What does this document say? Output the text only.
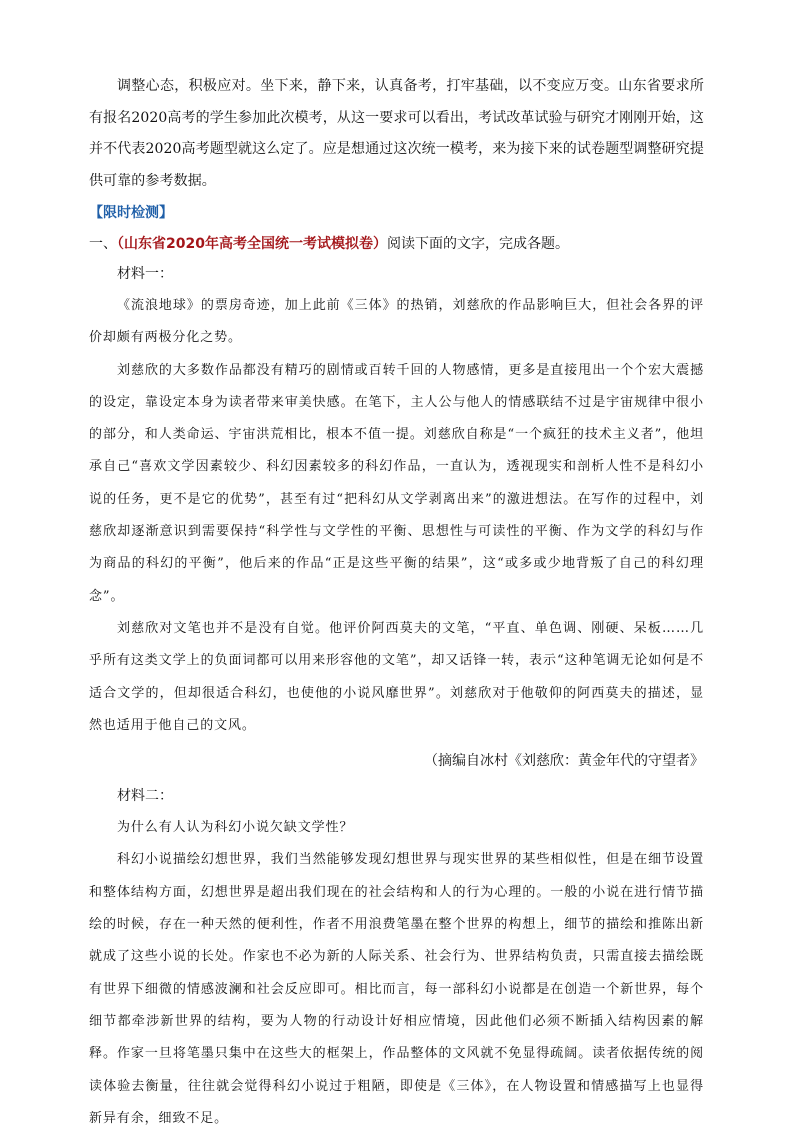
调整心态，积极应对。坐下来，静下来，认真备考，打牢基础，以不变应万变。山东省要求所有报名2020高考的学生参加此次模考，从这一要求可以看出，考试改革试验与研究才刚刚开始，这并不代表2020高考题型就这么定了。应是想通过这次统一模考，来为接下来的试卷题型调整研究提供可靠的参考数据。

【限时检测】

一、（山东省2020年高考全国统一考试模拟卷）阅读下面的文字，完成各题。

材料一：

《流浪地球》的票房奇迹，加上此前《三体》的热销，刘慈欣的作品影响巨大，但社会各界的评价却颇有两极分化之势。

刘慈欣的大多数作品都没有精巧的剧情或百转千回的人物感情，更多是直接甩出一个个宏大震撼的设定，靠设定本身为读者带来审美快感。在笔下，主人公与他人的情感联结不过是宇宙规律中很小的部分，和人类命运、宇宙洪荒相比，根本不值一提。刘慈欣自称是“一个疯狂的技术主义者”，他坦承自己“喜欢文学因素较少、科幻因素较多的科幻作品，一直认为，透视现实和剖析人性不是科幻小说的任务，更不是它的优势”，甚至有过“把科幻从文学剥离出来”的激进想法。在写作的过程中，刘慈欣却逐渐意识到需要保持“科学性与文学性的平衡、思想性与可读性的平衡、作为文学的科幻与作为商品的科幻的平衡”，他后来的作品“正是这些平衡的结果”，这“或多或少地背叛了自己的科幻理念”。

刘慈欣对文笔也并不是没有自觉。他评价阿西莫夫的文笔，“平直、单色调、刚硬、呆板……几乎所有这类文学上的负面词都可以用来形容他的文笔”，却又话锋一转，表示“这种笔调无论如何是不适合文学的，但却很适合科幻，也使他的小说风靡世界”。刘慈欣对于他敬仰的阿西莫夫的描述，显然也适用于他自己的文风。

（摘编自冰村《刘慈欣：黄金年代的守望者》

材料二：

为什么有人认为科幻小说欠缺文学性？

科幻小说描绘幻想世界，我们当然能够发现幻想世界与现实世界的某些相似性，但是在细节设置和整体结构方面，幻想世界是超出我们现在的社会结构和人的行为心理的。一般的小说在进行情节描绘的时候，存在一种天然的便利性，作者不用浪费笔墨在整个世界的构想上，细节的描绘和推陈出新就成了这些小说的长处。作家也不必为新的人际关系、社会行为、世界结构负责，只需直接去描绘既有世界下细微的情感波澜和社会反应即可。相比而言，每一部科幻小说都是在创造一个新世界，每个细节都牵涉新世界的结构，要为人物的行动设计好相应情境，因此他们必须不断插入结构因素的解释。作家一旦将笔墨只集中在这些大的框架上，作品整体的文风就不免显得疏阔。读者依据传统的阅读体验去衡量，往往就会觉得科幻小说过于粗陋，即使是《三体》，在人物设置和情感描写上也显得新异有余，细致不足。
